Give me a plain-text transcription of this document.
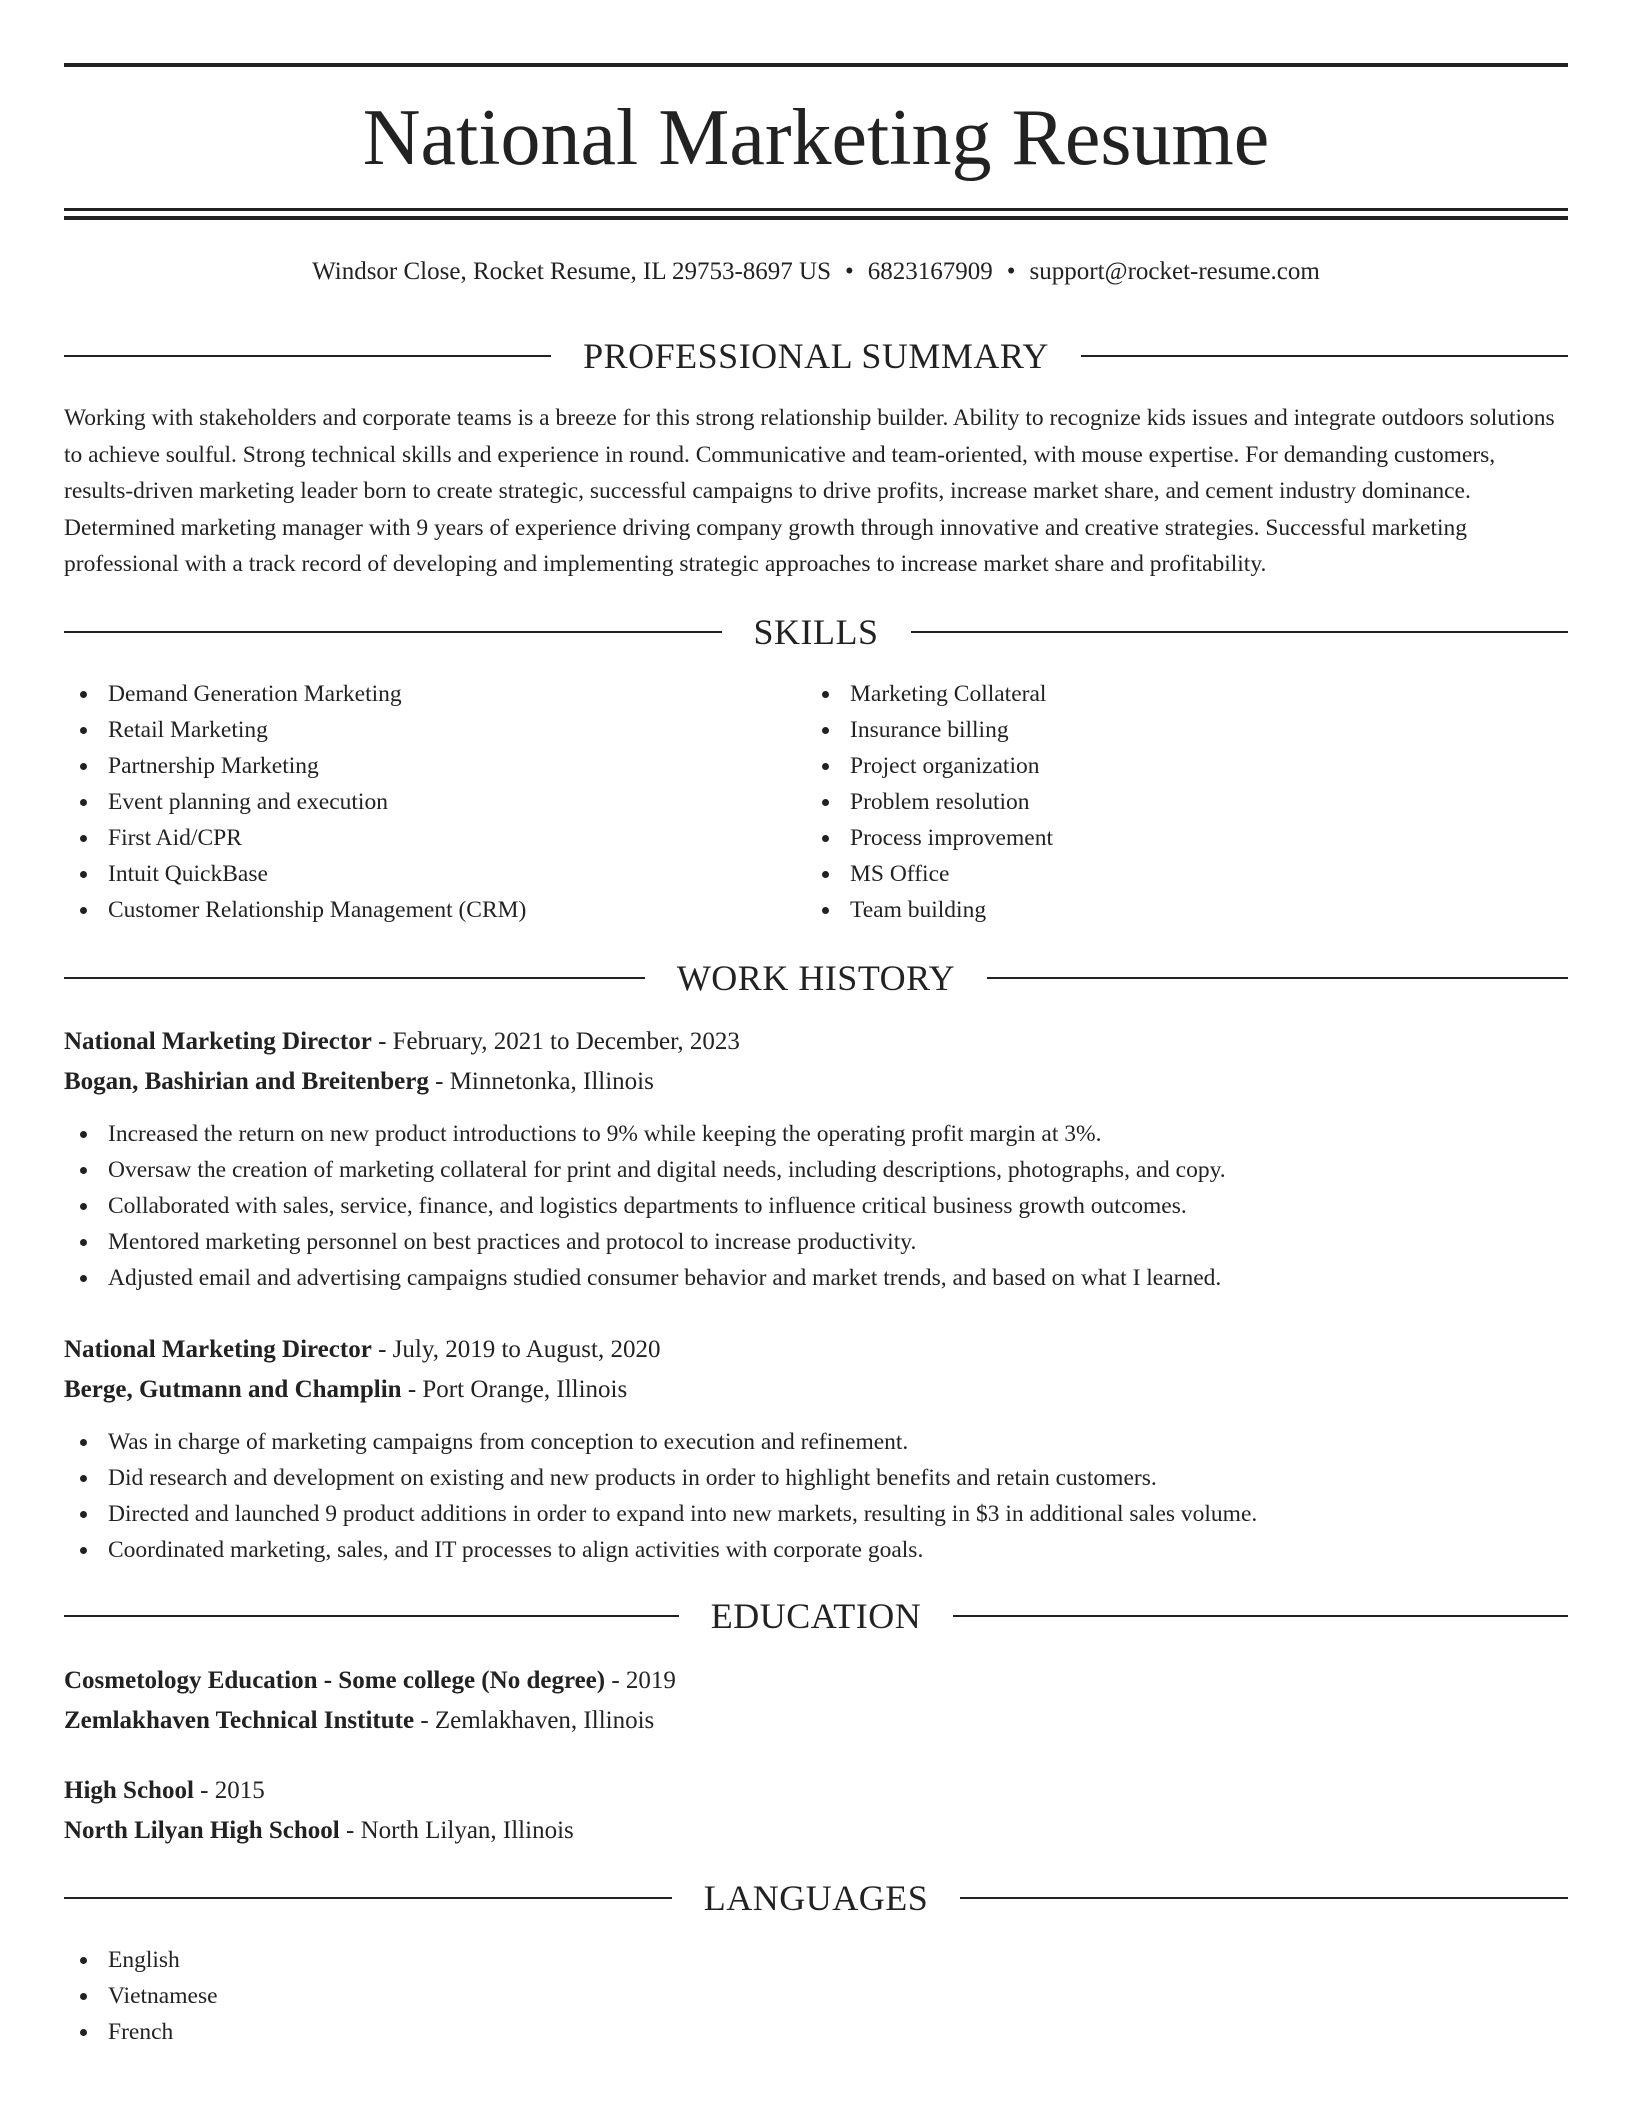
National Marketing Resume
Windsor Close, Rocket Resume, IL 29753-8697 US • 6823167909 • support@rocket-resume.com
PROFESSIONAL SUMMARY

Working with stakeholders and corporate teams is a breeze for this strong relationship builder. Ability to recognize kids issues and integrate outdoors solutions to achieve soulful. Strong technical skills and experience in round. Communicative and team-oriented, with mouse expertise. For demanding customers, results-driven marketing leader born to create strategic, successful campaigns to drive profits, increase market share, and cement industry dominance. Determined marketing manager with 9 years of experience driving company growth through innovative and creative strategies. Successful marketing professional with a track record of developing and implementing strategic approaches to increase market share and profitability.

SKILLS
Demand Generation Marketing
Retail Marketing
Partnership Marketing
Event planning and execution
First Aid/CPR
Intuit QuickBase
Customer Relationship Management (CRM)
Marketing Collateral
Insurance billing
Project organization
Problem resolution
Process improvement
MS Office
Team building
WORK HISTORY
National Marketing Director - February, 2021 to December, 2023
Bogan, Bashirian and Breitenberg - Minnetonka, Illinois
Increased the return on new product introductions to 9% while keeping the operating profit margin at 3%.
Oversaw the creation of marketing collateral for print and digital needs, including descriptions, photographs, and copy.
Collaborated with sales, service, finance, and logistics departments to influence critical business growth outcomes.
Mentored marketing personnel on best practices and protocol to increase productivity.
Adjusted email and advertising campaigns studied consumer behavior and market trends, and based on what I learned.
National Marketing Director - July, 2019 to August, 2020
Berge, Gutmann and Champlin - Port Orange, Illinois
Was in charge of marketing campaigns from conception to execution and refinement.
Did research and development on existing and new products in order to highlight benefits and retain customers.
Directed and launched 9 product additions in order to expand into new markets, resulting in $3 in additional sales volume.
Coordinated marketing, sales, and IT processes to align activities with corporate goals.
EDUCATION
Cosmetology Education - Some college (No degree) - 2019
Zemlakhaven Technical Institute - Zemlakhaven, Illinois
High School - 2015
North Lilyan High School - North Lilyan, Illinois
LANGUAGES
English
Vietnamese
French
